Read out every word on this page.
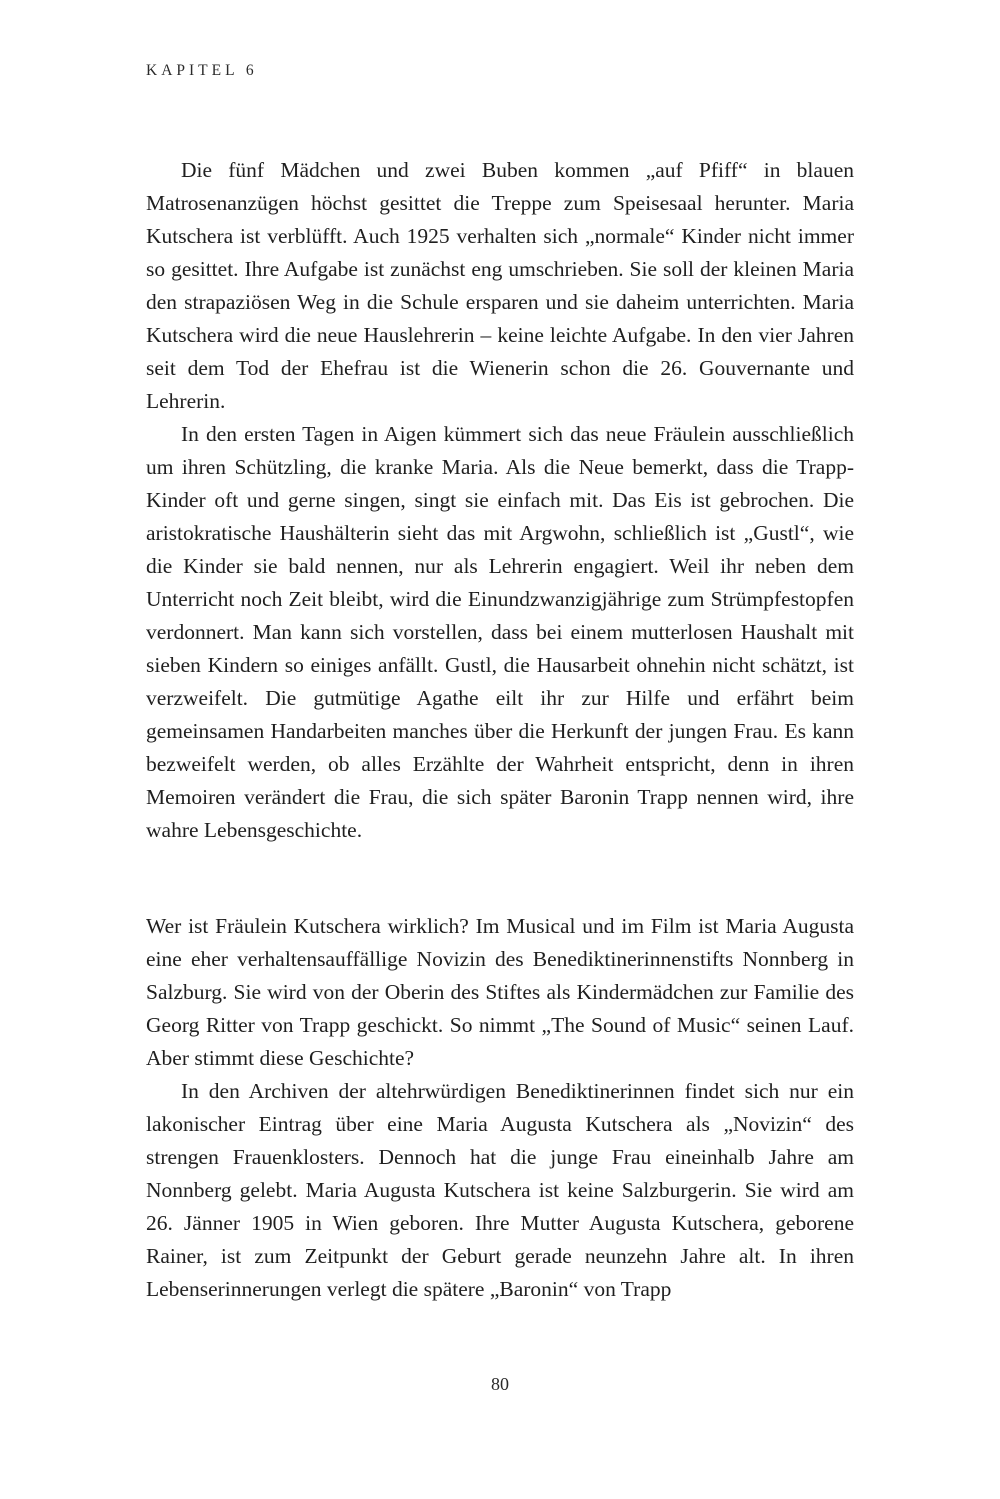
KAPITEL 6

Die fünf Mädchen und zwei Buben kommen „auf Pfiff“ in blauen Matrosenanzügen höchst gesittet die Treppe zum Speisesaal herunter. Maria Kutschera ist verblüfft. Auch 1925 verhalten sich „normale“ Kinder nicht immer so gesittet. Ihre Aufgabe ist zunächst eng umschrieben. Sie soll der kleinen Maria den strapaziösen Weg in die Schule ersparen und sie daheim unterrichten. Maria Kutschera wird die neue Hauslehrerin – keine leichte Aufgabe. In den vier Jahren seit dem Tod der Ehefrau ist die Wienerin schon die 26. Gouvernante und Lehrerin.

In den ersten Tagen in Aigen kümmert sich das neue Fräulein ausschließlich um ihren Schützling, die kranke Maria. Als die Neue bemerkt, dass die Trapp-Kinder oft und gerne singen, singt sie einfach mit. Das Eis ist gebrochen. Die aristokratische Haushälterin sieht das mit Argwohn, schließlich ist „Gustl“, wie die Kinder sie bald nennen, nur als Lehrerin engagiert. Weil ihr neben dem Unterricht noch Zeit bleibt, wird die Einundzwanzigjährige zum Strümpfestopfen verdonnert. Man kann sich vorstellen, dass bei einem mutterlosen Haushalt mit sieben Kindern so einiges anfällt. Gustl, die Hausarbeit ohnehin nicht schätzt, ist verzweifelt. Die gutmütige Agathe eilt ihr zur Hilfe und erfährt beim gemeinsamen Handarbeiten manches über die Herkunft der jungen Frau. Es kann bezweifelt werden, ob alles Erzählte der Wahrheit entspricht, denn in ihren Memoiren verändert die Frau, die sich später Baronin Trapp nennen wird, ihre wahre Lebensgeschichte.

Wer ist Fräulein Kutschera wirklich? Im Musical und im Film ist Maria Augusta eine eher verhaltensauffällige Novizin des Benediktinerinnenstifts Nonnberg in Salzburg. Sie wird von der Oberin des Stiftes als Kindermädchen zur Familie des Georg Ritter von Trapp geschickt. So nimmt „The Sound of Music“ seinen Lauf. Aber stimmt diese Geschichte?

In den Archiven der altehrwürdigen Benediktinerinnen findet sich nur ein lakonischer Eintrag über eine Maria Augusta Kutschera als „Novizin“ des strengen Frauenklosters. Dennoch hat die junge Frau eineinhalb Jahre am Nonnberg gelebt. Maria Augusta Kutschera ist keine Salzburgerin. Sie wird am 26. Jänner 1905 in Wien geboren. Ihre Mutter Augusta Kutschera, geborene Rainer, ist zum Zeitpunkt der Geburt gerade neunzehn Jahre alt. In ihren Lebenserinnerungen verlegt die spätere „Baronin“ von Trapp

80
